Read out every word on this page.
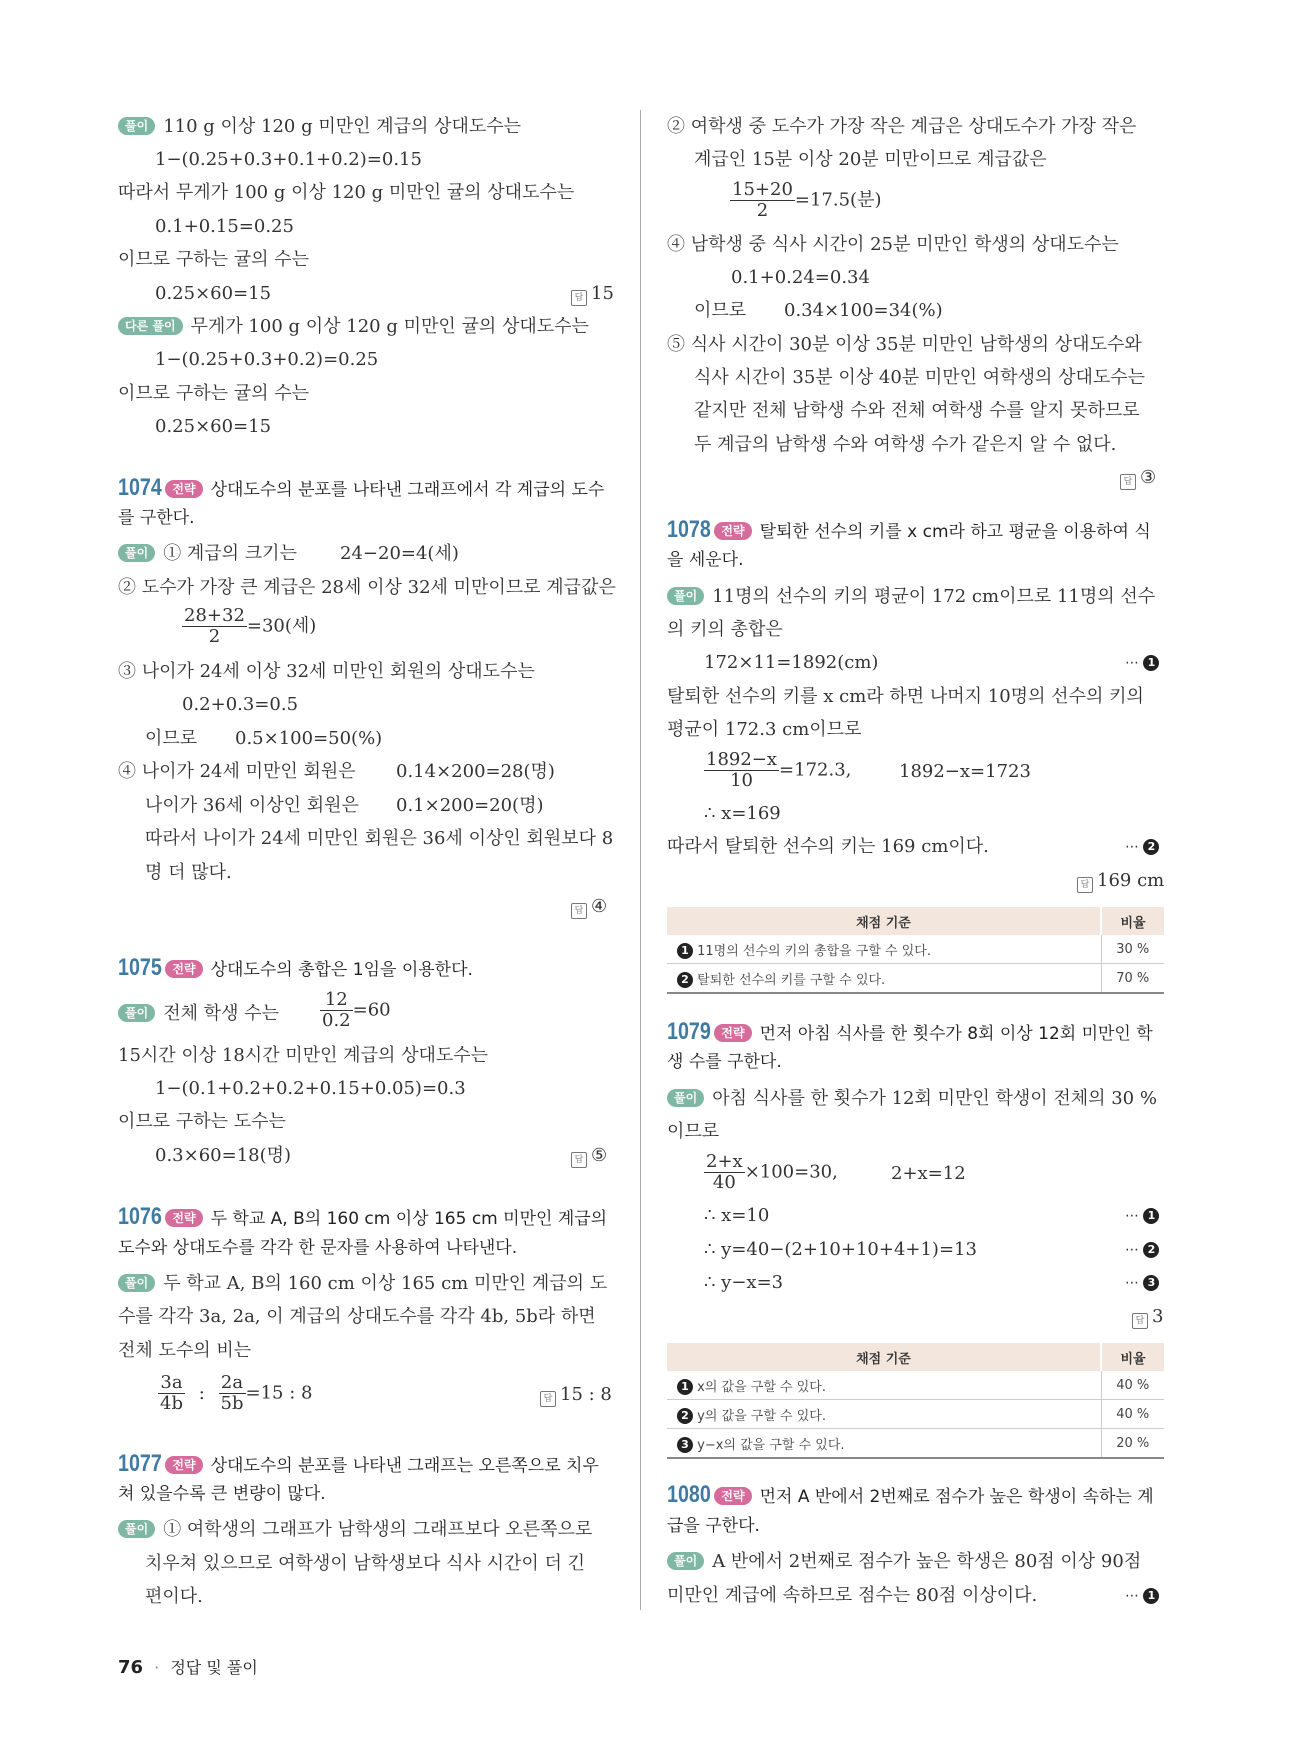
풀이 110 g 이상 120 g 미만인 계급의 상대도수는
1−(0.25+0.3+0.1+0.2)=0.15
따라서 무게가 100 g 이상 120 g 미만인 귤의 상대도수는
0.1+0.15=0.25
이므로 구하는 귤의 수는
0.25×60=15	답 15
다른 풀이 무게가 100 g 이상 120 g 미만인 귤의 상대도수는
1−(0.25+0.3+0.2)=0.25
이므로 구하는 귤의 수는
0.25×60=15
1074 전략 상대도수의 분포를 나타낸 그래프에서 각 계급의 도수
를 구한다.
풀이 ① 계급의 크기는 24−20=4(세)
② 도수가 가장 큰 계급은 28세 이상 32세 미만이므로 계급값은
$\frac{28+32}{2} =30$(세)
③ 나이가 24세 이상 32세 미만인 회원의 상대도수는
0.2+0.3=0.5
이므로 0.5×100=50(%)
④ 나이가 24세 미만인 회원은 0.14×200=28(명)
나이가 36세 이상인 회원은 0.1×200=20(명)
따라서 나이가 24세 미만인 회원은 36세 이상인 회원보다 8
명 더 많다.
답 ④
1075 전략 상대도수의 총합은 1임을 이용한다.
풀이 전체 학생 수는 $\frac{12}{0.2} =60$
15시간 이상 18시간 미만인 계급의 상대도수는
1−(0.1+0.2+0.2+0.15+0.05)=0.3
이므로 구하는 도수는
0.3×60=18(명)	답 ⑤
1076 전략 두 학교 A, B의 160 cm 이상 165 cm 미만인 계급의
도수와 상대도수를 각각 한 문자를 사용하여 나타낸다.
풀이 두 학교 A, B의 160 cm 이상 165 cm 미만인 계급의 도
수를 각각 3a, 2a, 이 계급의 상대도수를 각각 4b, 5b라 하면
전체 도수의 비는
$\frac{3a}{4b}$ : $\frac{2a}{5b} =15$ : 8	답 15 : 8
1077 전략 상대도수의 분포를 나타낸 그래프는 오른쪽으로 치우
쳐 있을수록 큰 변량이 많다.
풀이 ① 여학생의 그래프가 남학생의 그래프보다 오른쪽으로
치우쳐 있으므로 여학생이 남학생보다 식사 시간이 더 긴
편이다.
② 여학생 중 도수가 가장 작은 계급은 상대도수가 가장 작은
계급인 15분 이상 20분 미만이므로 계급값은
$\frac{15+20}{2} =17.5$(분)
④ 남학생 중 식사 시간이 25분 미만인 학생의 상대도수는
0.1+0.24=0.34
이므로 0.34×100=34(%)
⑤ 식사 시간이 30분 이상 35분 미만인 남학생의 상대도수와
식사 시간이 35분 이상 40분 미만인 여학생의 상대도수는
같지만 전체 남학생 수와 전체 여학생 수를 알지 못하므로
두 계급의 남학생 수와 여학생 수가 같은지 알 수 없다.
답 ③
1078 전략 탈퇴한 선수의 키를 x cm라 하고 평균을 이용하여 식
을 세운다.
풀이 11명의 선수의 키의 평균이 172 cm이므로 11명의 선수
의 키의 총합은
172×11=1892(cm)	⋯ 1
탈퇴한 선수의 키를 x cm라 하면 나머지 10명의 선수의 키의
평균이 172.3 cm이므로
$\frac{1892-x}{10} =172.3$,	1892−x=1723
∴ x=169
따라서 탈퇴한 선수의 키는 169 cm이다.	⋯ 2
답 169 cm
채점 기준	비율
1 11명의 선수의 키의 총합을 구할 수 있다.	30 %
2 탈퇴한 선수의 키를 구할 수 있다.	70 %
1079 전략 먼저 아침 식사를 한 횟수가 8회 이상 12회 미만인 학
생 수를 구한다.
풀이 아침 식사를 한 횟수가 12회 미만인 학생이 전체의 30 %
이므로
$\frac{2+x}{40} \times 100=30$,	2+x=12
∴ x=10	⋯ 1
∴ y=40−(2+10+10+4+1)=13	⋯ 2
∴ y−x=3	⋯ 3
답 3
채점 기준	비율
1 x의 값을 구할 수 있다.	40 %
2 y의 값을 구할 수 있다.	40 %
3 y−x의 값을 구할 수 있다.	20 %
1080 전략 먼저 A 반에서 2번째로 점수가 높은 학생이 속하는 계
급을 구한다.
풀이 A 반에서 2번째로 점수가 높은 학생은 80점 이상 90점
미만인 계급에 속하므로 점수는 80점 이상이다.	⋯ 1
76 · 정답 및 풀이
